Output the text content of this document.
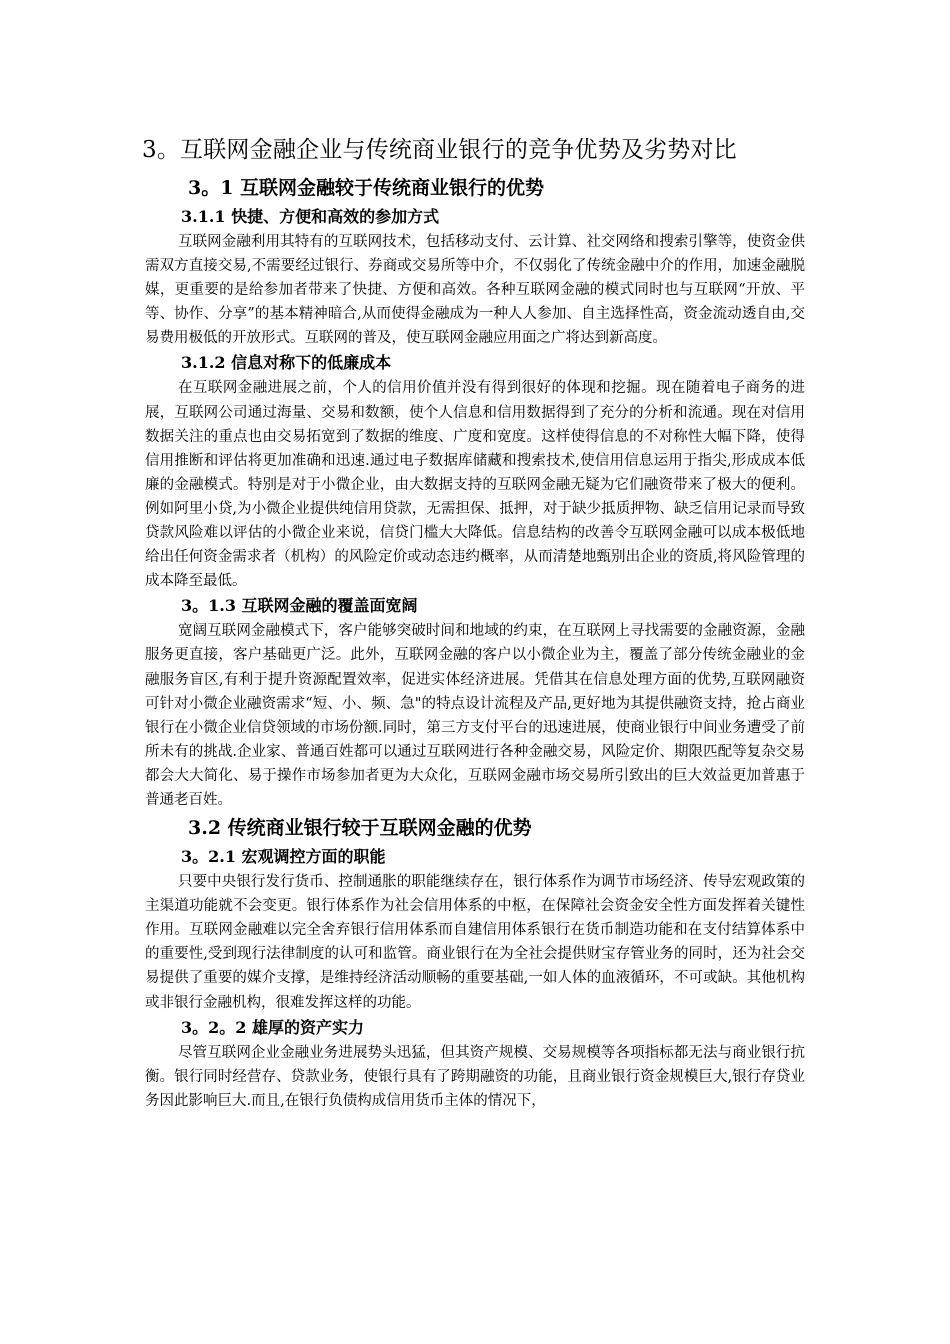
3。互联网金融企业与传统商业银行的竞争优势及劣势对比
3。1 互联网金融较于传统商业银行的优势
3.1.1 快捷、方便和高效的参加方式

互联网金融利用其特有的互联网技术，包括移动支付、云计算、社交网络和搜索引擎等，使资金供需双方直接交易,不需要经过银行、券商或交易所等中介，不仅弱化了传统金融中介的作用，加速金融脱媒，更重要的是给参加者带来了快捷、方便和高效。各种互联网金融的模式同时也与互联网“开放、平等、协作、分享”的基本精神暗合,从而使得金融成为一种人人参加、自主选择性高，资金流动透自由,交易费用极低的开放形式。互联网的普及，使互联网金融应用面之广将达到新高度。

3.1.2 信息对称下的低廉成本

在互联网金融进展之前，个人的信用价值并没有得到很好的体现和挖掘。现在随着电子商务的进展，互联网公司通过海量、交易和数额，使个人信息和信用数据得到了充分的分析和流通。现在对信用数据关注的重点也由交易拓宽到了数据的维度、广度和宽度。这样使得信息的不对称性大幅下降，使得信用推断和评估将更加准确和迅速.通过电子数据库储藏和搜索技术,使信用信息运用于指尖,形成成本低廉的金融模式。特别是对于小微企业，由大数据支持的互联网金融无疑为它们融资带来了极大的便利。例如阿里小贷,为小微企业提供纯信用贷款，无需担保、抵押，对于缺少抵质押物、缺乏信用记录而导致贷款风险难以评估的小微企业来说，信贷门槛大大降低。信息结构的改善令互联网金融可以成本极低地给出任何资金需求者（机构）的风险定价或动态违约概率，从而清楚地甄别出企业的资质,将风险管理的成本降至最低。

3。1.3 互联网金融的覆盖面宽阔

宽阔互联网金融模式下，客户能够突破时间和地域的约束，在互联网上寻找需要的金融资源，金融服务更直接，客户基础更广泛。此外，互联网金融的客户以小微企业为主，覆盖了部分传统金融业的金融服务盲区,有利于提升资源配置效率，促进实体经济进展。凭借其在信息处理方面的优势,互联网融资可针对小微企业融资需求“短、小、频、急"的特点设计流程及产品,更好地为其提供融资支持，抢占商业银行在小微企业信贷领域的市场份额.同时，第三方支付平台的迅速进展，使商业银行中间业务遭受了前所未有的挑战.企业家、普通百姓都可以通过互联网进行各种金融交易，风险定价、期限匹配等复杂交易都会大大简化、易于操作市场参加者更为大众化，互联网金融市场交易所引致出的巨大效益更加普惠于普通老百姓。

3.2 传统商业银行较于互联网金融的优势
3。2.1 宏观调控方面的职能

只要中央银行发行货币、控制通胀的职能继续存在，银行体系作为调节市场经济、传导宏观政策的主渠道功能就不会变更。银行体系作为社会信用体系的中枢，在保障社会资金安全性方面发挥着关键性作用。互联网金融难以完全舍弃银行信用体系而自建信用体系银行在货币制造功能和在支付结算体系中的重要性,受到现行法律制度的认可和监管。商业银行在为全社会提供财宝存管业务的同时，还为社会交易提供了重要的媒介支撑，是维持经济活动顺畅的重要基础,一如人体的血液循环，不可或缺。其他机构或非银行金融机构，很难发挥这样的功能。

3。2。2 雄厚的资产实力

尽管互联网企业金融业务进展势头迅猛，但其资产规模、交易规模等各项指标都无法与商业银行抗衡。银行同时经营存、贷款业务，使银行具有了跨期融资的功能，且商业银行资金规模巨大,银行存贷业务因此影响巨大.而且,在银行负债构成信用货币主体的情况下，
